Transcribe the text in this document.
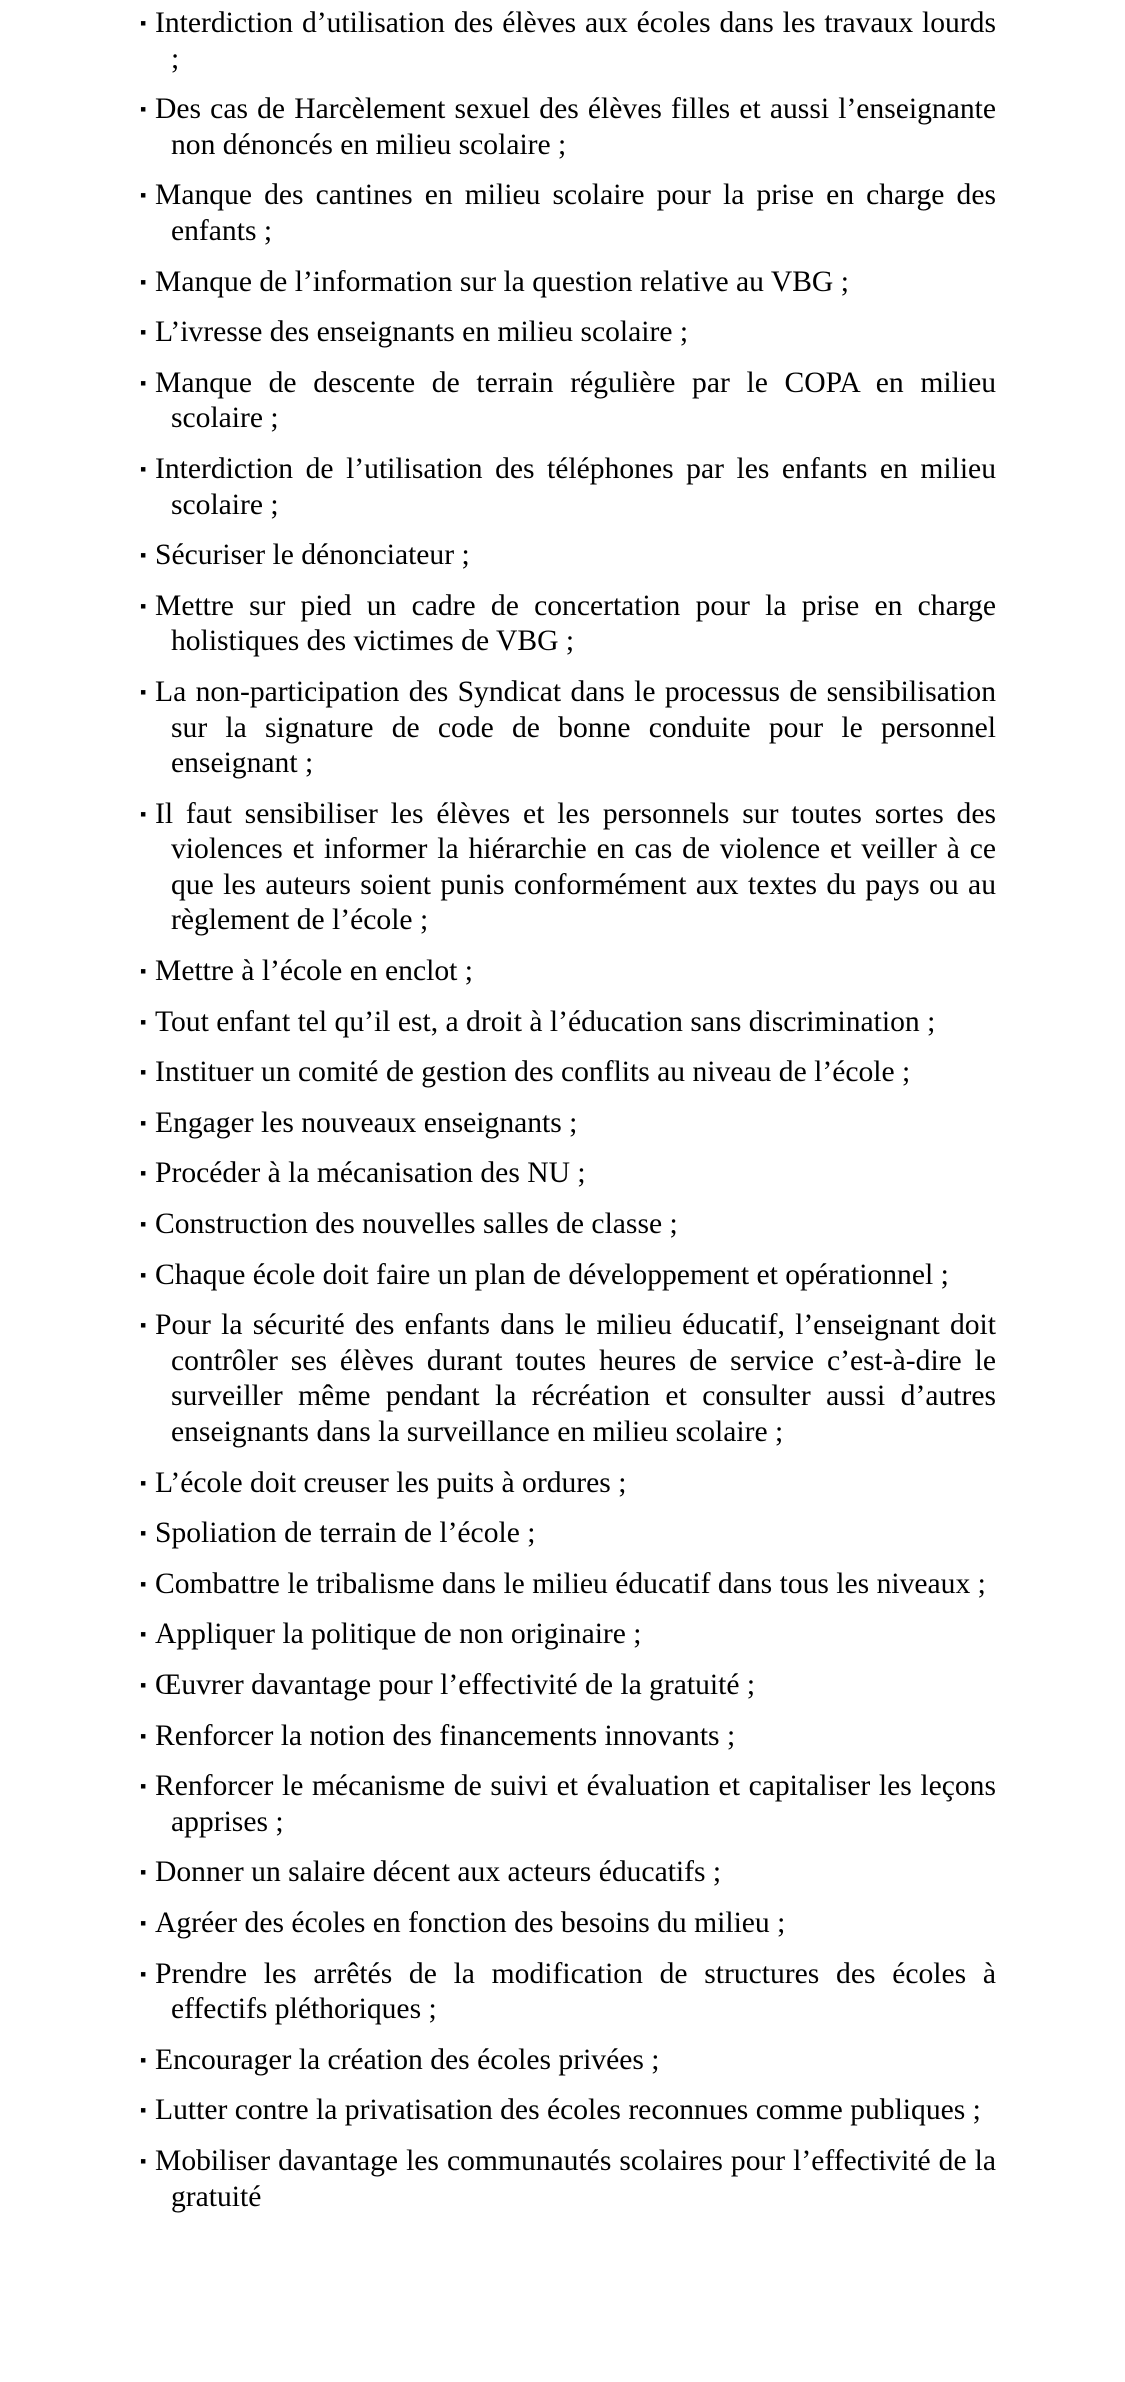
▪ Interdiction d’utilisation des élèves aux écoles dans les travaux lourds ;
▪ Des cas de Harcèlement sexuel des élèves filles et aussi l’enseignante non dénoncés en milieu scolaire ;
▪ Manque des cantines en milieu scolaire pour la prise en charge des enfants ;
▪ Manque de l’information sur la question relative au VBG ;
▪ L’ivresse des enseignants en milieu scolaire ;
▪ Manque de descente de terrain régulière par le COPA en milieu scolaire ;
▪ Interdiction de l’utilisation des téléphones par les enfants en milieu scolaire ;
▪ Sécuriser le dénonciateur ;
▪ Mettre sur pied un cadre de concertation pour la prise en charge holistiques des victimes de VBG ;
▪ La non-participation des Syndicat dans le processus de sensibilisation sur la signature de code de bonne conduite pour le personnel enseignant ;
▪ Il faut sensibiliser les élèves et les personnels sur toutes sortes des violences et informer la hiérarchie en cas de violence et veiller à ce que les auteurs soient punis conformément aux textes du pays ou au règlement de l’école ;
▪ Mettre à l’école en enclot ;
▪ Tout enfant tel qu’il est, a droit à l’éducation sans discrimination ;
▪ Instituer un comité de gestion des conflits au niveau de l’école ;
▪ Engager les nouveaux enseignants ;
▪ Procéder à la mécanisation des NU ;
▪ Construction des nouvelles salles de classe ;
▪ Chaque école doit faire un plan de développement et opérationnel ;
▪ Pour la sécurité des enfants dans le milieu éducatif, l’enseignant doit contrôler ses élèves durant toutes heures de service c’est-à-dire le surveiller même pendant la récréation et consulter aussi d’autres enseignants dans la surveillance en milieu scolaire ;
▪ L’école doit creuser les puits à ordures ;
▪ Spoliation de terrain de l’école ;
▪ Combattre le tribalisme dans le milieu éducatif dans tous les niveaux ;
▪ Appliquer la politique de non originaire ;
▪ Œuvrer davantage pour l’effectivité de la gratuité ;
▪ Renforcer la notion des financements innovants ;
▪ Renforcer le mécanisme de suivi et évaluation et capitaliser les leçons apprises ;
▪ Donner un salaire décent aux acteurs éducatifs ;
▪ Agréer des écoles en fonction des besoins du milieu ;
▪ Prendre les arrêtés de la modification de structures des écoles à effectifs pléthoriques ;
▪ Encourager la création des écoles privées ;
▪ Lutter contre la privatisation des écoles reconnues comme publiques ;
▪ Mobiliser davantage les communautés scolaires pour l’effectivité de la gratuité
